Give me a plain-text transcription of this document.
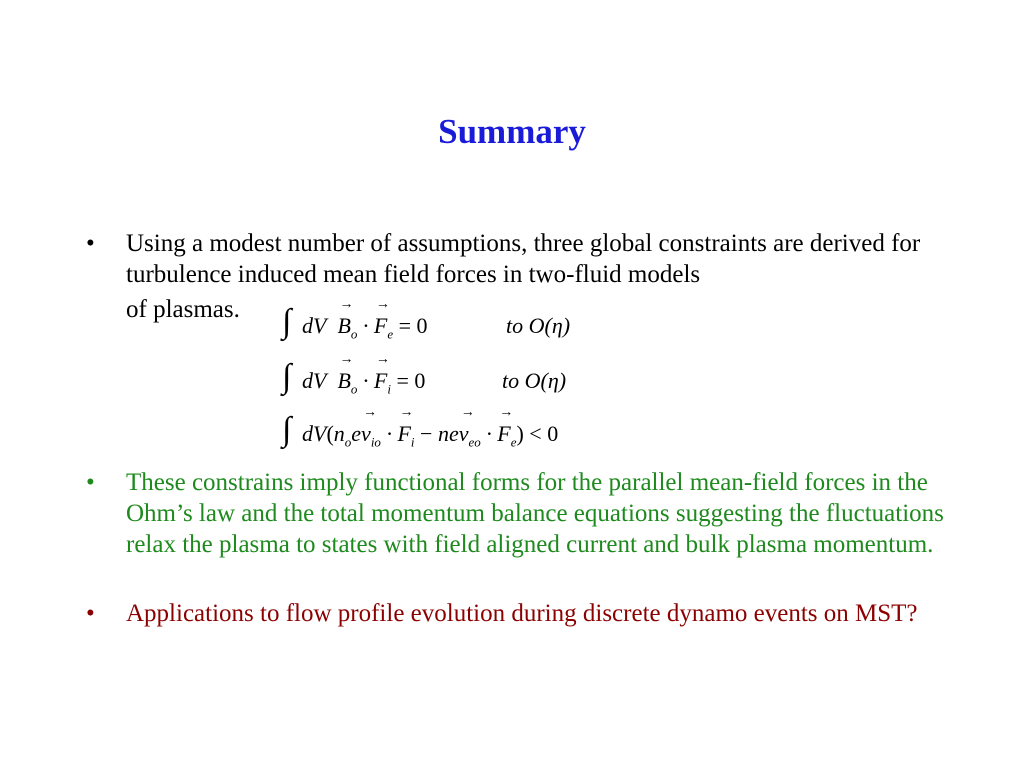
Summary
• Using a modest number of assumptions, three global constraints are derived for turbulence induced mean field forces in two-fluid models
of plasmas. ∫ dV  → $B_o$ · → $F_e = 0$	to O(η)
∫ dV  → $B_o$ · → $F_i = 0$	to O(η)
∫ $dV(n_oe\to v_{io}$ · → $F_i - ne\to v_{eo}$ · → $F_e) < 0$
• These constrains imply functional forms for the parallel mean-field forces in the Ohm’s law and the total momentum balance equations suggesting the fluctuations relax the plasma to states with field aligned current and bulk plasma momentum.
• Applications to flow profile evolution during discrete dynamo events on MST?
